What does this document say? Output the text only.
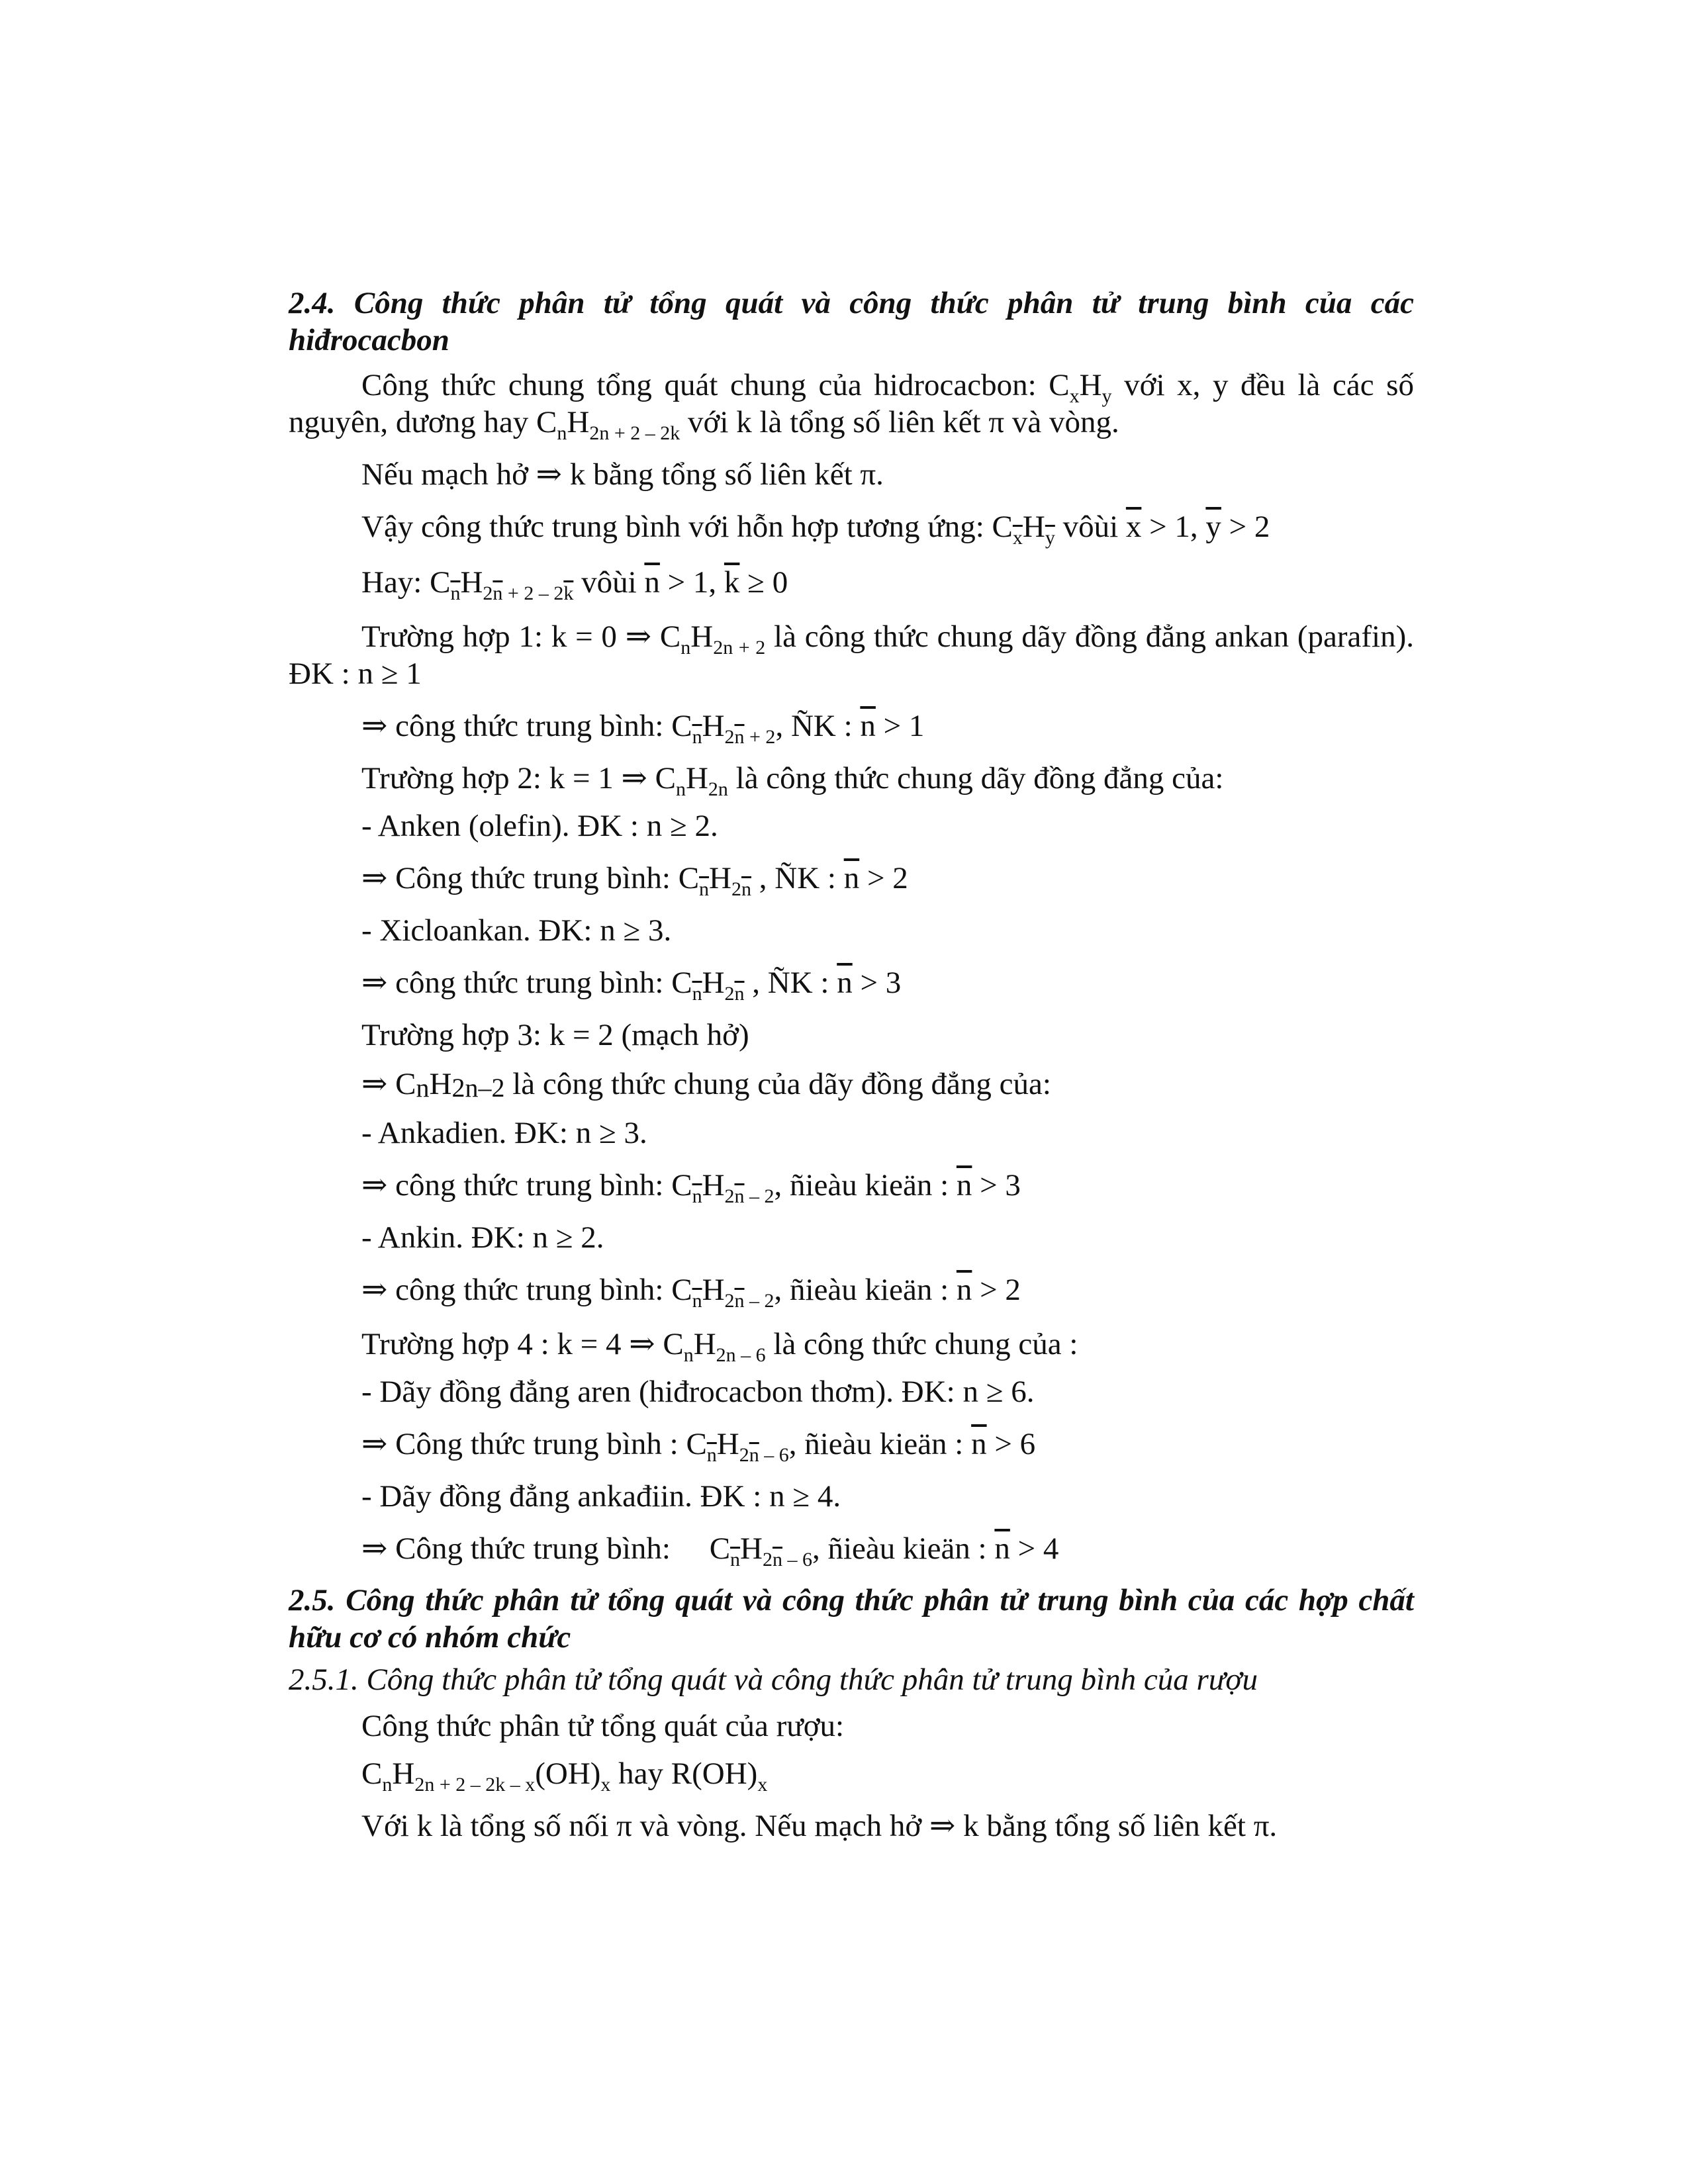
2.4. Công thức phân tử tổng quát và công thức phân tử trung bình của các hiđrocacbon
Công thức chung tổng quát chung của hidrocacbon: $C_xH_y$ với x, y đều là các số nguyên, dương hay $C_nH_{2n + 2 - 2k}$ với k là tổng số liên kết π và vòng.
Nếu mạch hở ⇒ k bằng tổng số liên kết π.
Vậy công thức trung bình với hỗn hợp tương ứng: $C_{\overline{x}}H_{\overline{y}}$ vôùi $\overline{x} > 1$, $\overline{y} > 2$
Hay: $C_{\overline{n}}H_{2\overline{n} + 2 - 2\overline{k}}$ vôùi $\overline{n} > 1$, $\overline{k} \ge 0$
Trường hợp 1: k = 0 ⇒ $C_nH_{2n + 2}$ là công thức chung dãy đồng đẳng ankan (parafin). ĐK : n ≥ 1
⇒ công thức trung bình: $C_{\overline{n}}H_{2\overline{n} + 2}$, ÑK : $\overline{n} > 1$
Trường hợp 2: k = 1 ⇒ $C_nH_{2n}$ là công thức chung dãy đồng đẳng của:
- Anken (olefin). ĐK : n ≥ 2.
⇒ Công thức trung bình: $C_{\overline{n}}H_{2\overline{n}}$ , ÑK : $\overline{n} > 2$
- Xicloankan. ĐK: n ≥ 3.
⇒ công thức trung bình: $C_{\overline{n}}H_{2\overline{n}}$ , ÑK : $\overline{n} > 3$
Trường hợp 3: k = 2 (mạch hở)
⇒ $C_nH_{2n-2}$ là công thức chung của dãy đồng đẳng của:
- Ankadien. ĐK: n ≥ 3.
⇒ công thức trung bình: $C_{\overline{n}}H_{2\overline{n} - 2}$, ñieàu kieän : $\overline{n} > 3$
- Ankin. ĐK: n ≥ 2.
⇒ công thức trung bình: $C_{\overline{n}}H_{2\overline{n} - 2}$, ñieàu kieän : $\overline{n} > 2$
Trường hợp 4 : k = 4 ⇒ $C_nH_{2n - 6}$ là công thức chung của :
- Dãy đồng đẳng aren (hiđrocacbon thơm). ĐK: n ≥ 6.
⇒ Công thức trung bình : $C_{\overline{n}}H_{2\overline{n} - 6}$, ñieàu kieän : $\overline{n} > 6$
- Dãy đồng đẳng ankađiin. ĐK : n ≥ 4.
⇒ Công thức trung bình:     $C_{\overline{n}}H_{2\overline{n} - 6}$, ñieàu kieän : $\overline{n} > 4$
2.5. Công thức phân tử tổng quát và công thức phân tử trung bình của các hợp chất hữu cơ có nhóm chức
2.5.1. Công thức phân tử tổng quát và công thức phân tử trung bình của rượu
Công thức phân tử tổng quát của rượu:
$C_nH_{2n + 2 - 2k - x}(OH)_x$ hay $R(OH)_x$
Với k là tổng số nối π và vòng. Nếu mạch hở ⇒ k bằng tổng số liên kết π.
